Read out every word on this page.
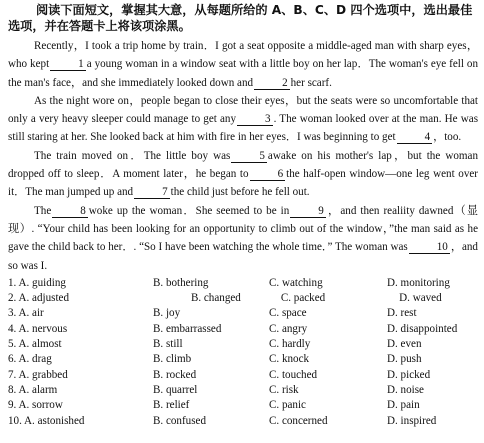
阅读下面短文，掌握其大意，从每题所给的 A、B、C、D 四个选项中，选出最佳选项，并在答题卡上将该项涂黑。

Recently，I took a trip home by train．I got a seat opposite a middle-aged man with sharp eyes，who kept	1 a young woman in a window seat with a little boy on her lap．The woman's eye fell on the man's face，and she immediately looked down and	2 her scarf.

As the night wore on，people began to close their eyes，but the seats were so uncomfortable that only a very heavy sleeper could manage to get any	3 . The woman looked over at the man. He was still staring at her. She looked back at him with fire in her eyes．I was beginning to get	4 ，too.

The train moved on．The little boy was	5 awake on his mother's lap，but the woman dropped off to sleep．A moment later，he began to	6 the half-open window—one leg went over it．The man jumped up and	7 the child just before he fell out.

The	8 woke up the woman．She seemed to be in	9 ，and then realiity dawned（显现）. “Your child has been looking for an opportunity to climb out of the window，”the man said as he gave the child back to her．. “So I have been watching the whole time．” The woman was	10 ，and so was I.

1. A. guiding	B. bothering	C. watching	D. monitoring
2. A. adjusted	B. changed	C. packed	D. waved
3. A. air	B. joy	C. space	D. rest
4. A. nervous	B. embarrassed	C. angry	D. disappointed
5. A. almost	B. still	C. hardly	D. even
6. A. drag	B. climb	C. knock	D. push
7. A. grabbed	B. rocked	C. touched	D. picked
8. A. alarm	B. quarrel	C. risk	D. noise
9. A. sorrow	B. relief	C. panic	D. pain
10. A. astonished	B. confused	C. concerned	D. inspired
